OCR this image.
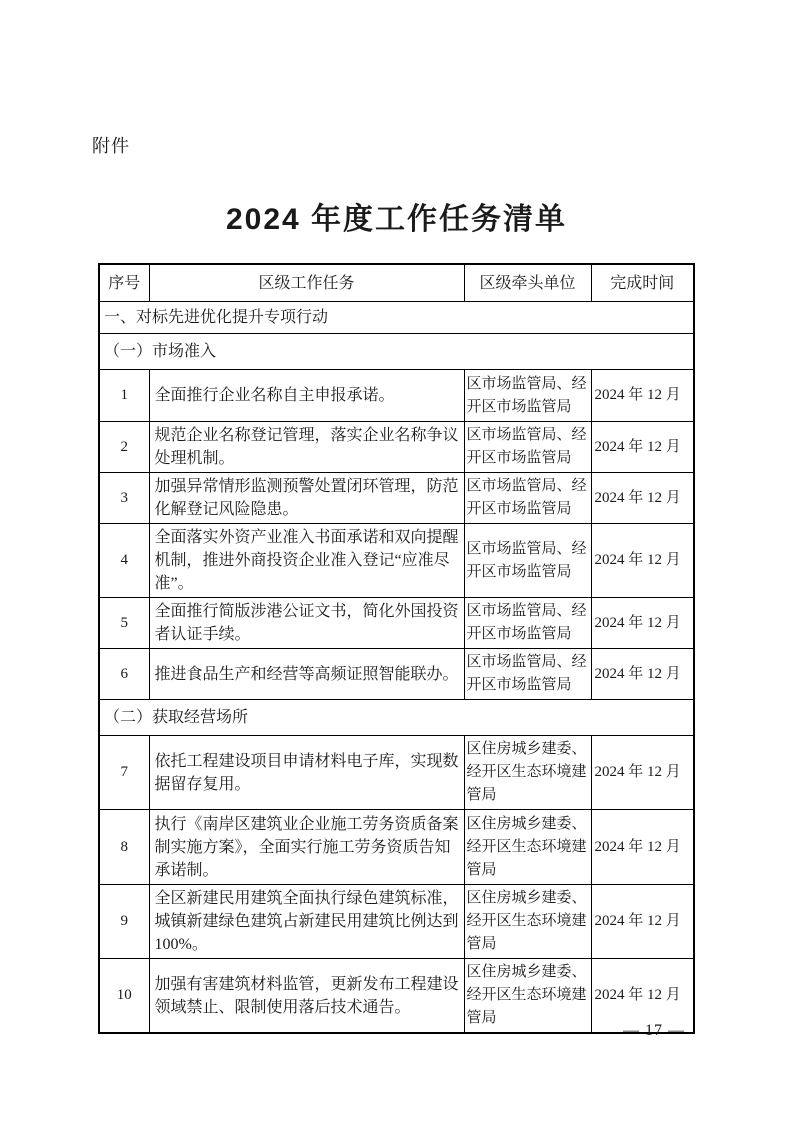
附件
2024 年度工作任务清单
序号	区级工作任务	区级牵头单位	完成时间
一、对标先进优化提升专项行动			
（一）市场准入			
1	全面推行企业名称自主申报承诺。	区市场监管局、经开区市场监管局	2024 年 12 月
2	规范企业名称登记管理，落实企业名称争议处理机制。	区市场监管局、经开区市场监管局	2024 年 12 月
3	加强异常情形监测预警处置闭环管理，防范化解登记风险隐患。	区市场监管局、经开区市场监管局	2024 年 12 月
4	全面落实外资产业准入书面承诺和双向提醒机制，推进外商投资企业准入登记“应准尽准”。	区市场监管局、经开区市场监管局	2024 年 12 月
5	全面推行简版涉港公证文书，简化外国投资者认证手续。	区市场监管局、经开区市场监管局	2024 年 12 月
6	推进食品生产和经营等高频证照智能联办。	区市场监管局、经开区市场监管局	2024 年 12 月
（二）获取经营场所			
7	依托工程建设项目申请材料电子库，实现数据留存复用。	区住房城乡建委、经开区生态环境建管局	2024 年 12 月
8	执行《南岸区建筑业企业施工劳务资质备案制实施方案》，全面实行施工劳务资质告知承诺制。	区住房城乡建委、经开区生态环境建管局	2024 年 12 月
9	全区新建民用建筑全面执行绿色建筑标准，城镇新建绿色建筑占新建民用建筑比例达到100%。	区住房城乡建委、经开区生态环境建管局	2024 年 12 月
10	加强有害建筑材料监管，更新发布工程建设领域禁止、限制使用落后技术通告。	区住房城乡建委、经开区生态环境建管局	2024 年 12 月
— 17 —
